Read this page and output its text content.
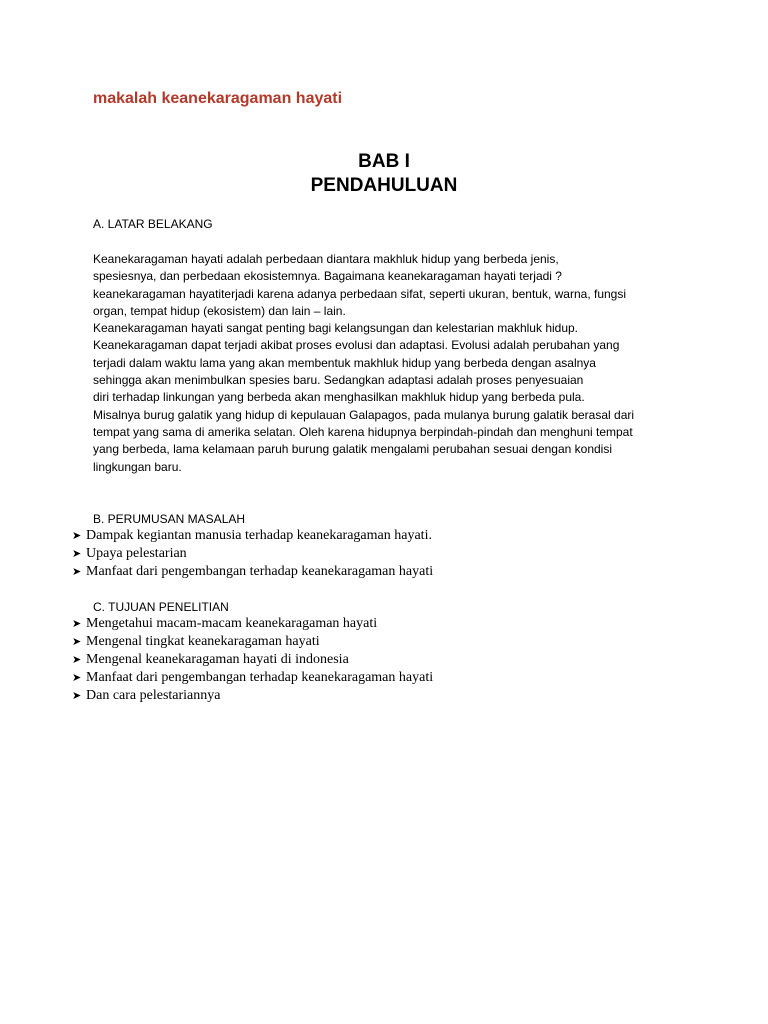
makalah keanekaragaman hayati
BAB I
PENDAHULUAN
A. LATAR BELAKANG
Keanekaragaman hayati adalah perbedaan diantara makhluk hidup yang berbeda jenis,
spesiesnya, dan perbedaan ekosistemnya. Bagaimana keanekaragaman hayati terjadi ?
keanekaragaman hayatiterjadi karena adanya perbedaan sifat, seperti ukuran, bentuk, warna, fungsi
organ, tempat hidup (ekosistem) dan lain – lain.
Keanekaragaman hayati sangat penting bagi kelangsungan dan kelestarian makhluk hidup.
Keanekaragaman dapat terjadi akibat proses evolusi dan adaptasi. Evolusi adalah perubahan yang
terjadi dalam waktu lama yang akan membentuk makhluk hidup yang berbeda dengan asalnya
sehingga akan menimbulkan spesies baru. Sedangkan adaptasi adalah proses penyesuaian
diri terhadap linkungan yang berbeda akan menghasilkan makhluk hidup yang berbeda pula.
Misalnya burug galatik yang hidup di kepulauan Galapagos, pada mulanya burung galatik berasal dari
tempat yang sama di amerika selatan. Oleh karena hidupnya berpindah-pindah dan menghuni tempat
yang berbeda, lama kelamaan paruh burung galatik mengalami perubahan sesuai dengan kondisi
lingkungan baru.
B. PERUMUSAN MASALAH
➤ Dampak kegiantan manusia terhadap keanekaragaman hayati.
➤ Upaya pelestarian
➤ Manfaat dari pengembangan terhadap keanekaragaman hayati
C. TUJUAN PENELITIAN
➤ Mengetahui macam-macam keanekaragaman hayati
➤ Mengenal tingkat keanekaragaman hayati
➤ Mengenal keanekaragaman hayati di indonesia
➤ Manfaat dari pengembangan terhadap keanekaragaman hayati
➤ Dan cara pelestariannya
